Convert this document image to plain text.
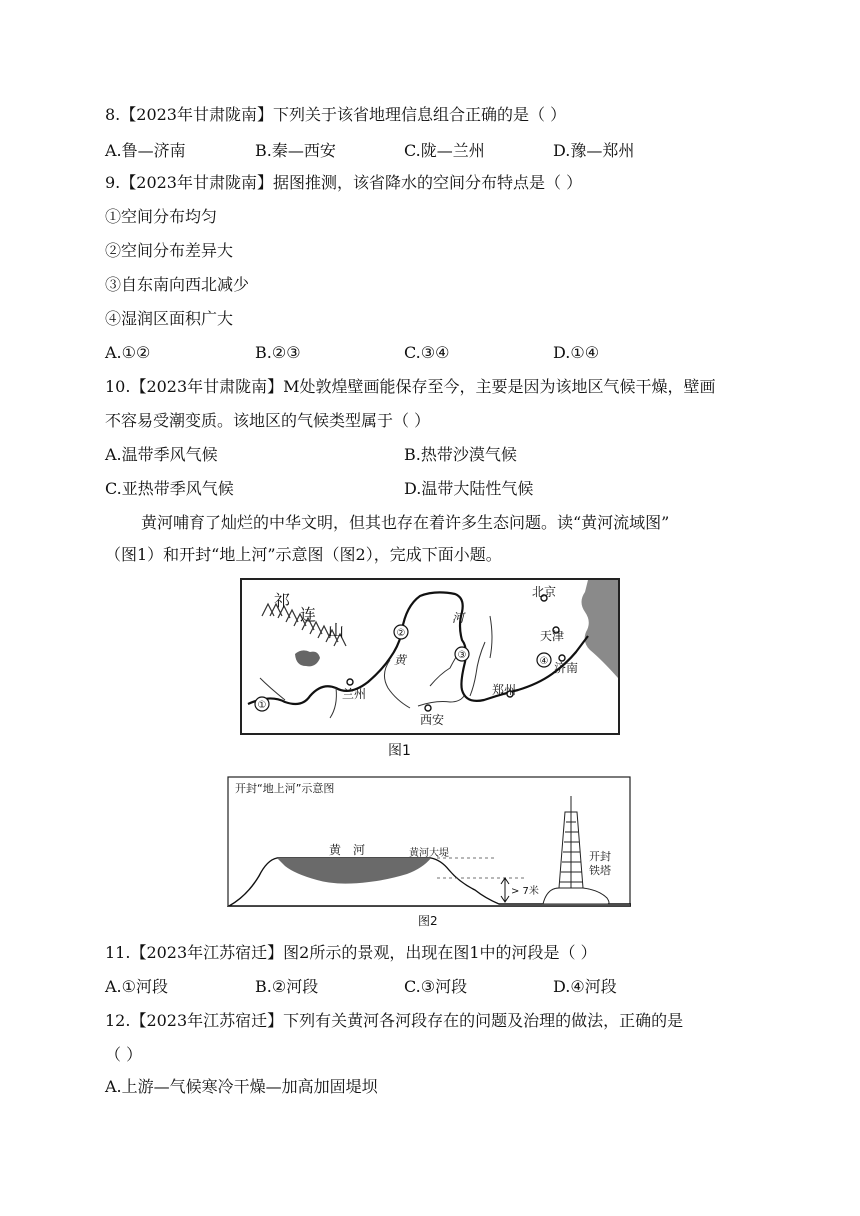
8.【2023年甘肃陇南】下列关于该省地理信息组合正确的是（ ）
A.鲁—济南	B.秦—西安	C.陇—兰州	D.豫—郑州
9.【2023年甘肃陇南】据图推测，该省降水的空间分布特点是（ ）
①空间分布均匀
②空间分布差异大
③自东南向西北减少
④湿润区面积广大
A.①②	B.②③	C.③④	D.①④
10.【2023年甘肃陇南】M处敦煌壁画能保存至今，主要是因为该地区气候干燥，壁画
不容易受潮变质。该地区的气候类型属于（ ）
A.温带季风气候	B.热带沙漠气候
C.亚热带季风气候	D.温带大陆性气候
黄河哺育了灿烂的中华文明，但其也存在着许多生态问题。读“黄河流域图”
（图1）和开封“地上河”示意图（图2），完成下面小题。
①
②
③
④
祁
连
山
北京
天津
济南
郑州
西安
兰州
黄
河
图1
开封“地上河”示意图
黄　河	黄河大堤
> 7米
开封
铁塔
图2
11.【2023年江苏宿迁】图2所示的景观，出现在图1中的河段是（ ）
A.①河段	B.②河段	C.③河段	D.④河段
12.【2023年江苏宿迁】下列有关黄河各河段存在的问题及治理的做法，正确的是
（ ）
A.上游—气候寒冷干燥—加高加固堤坝
